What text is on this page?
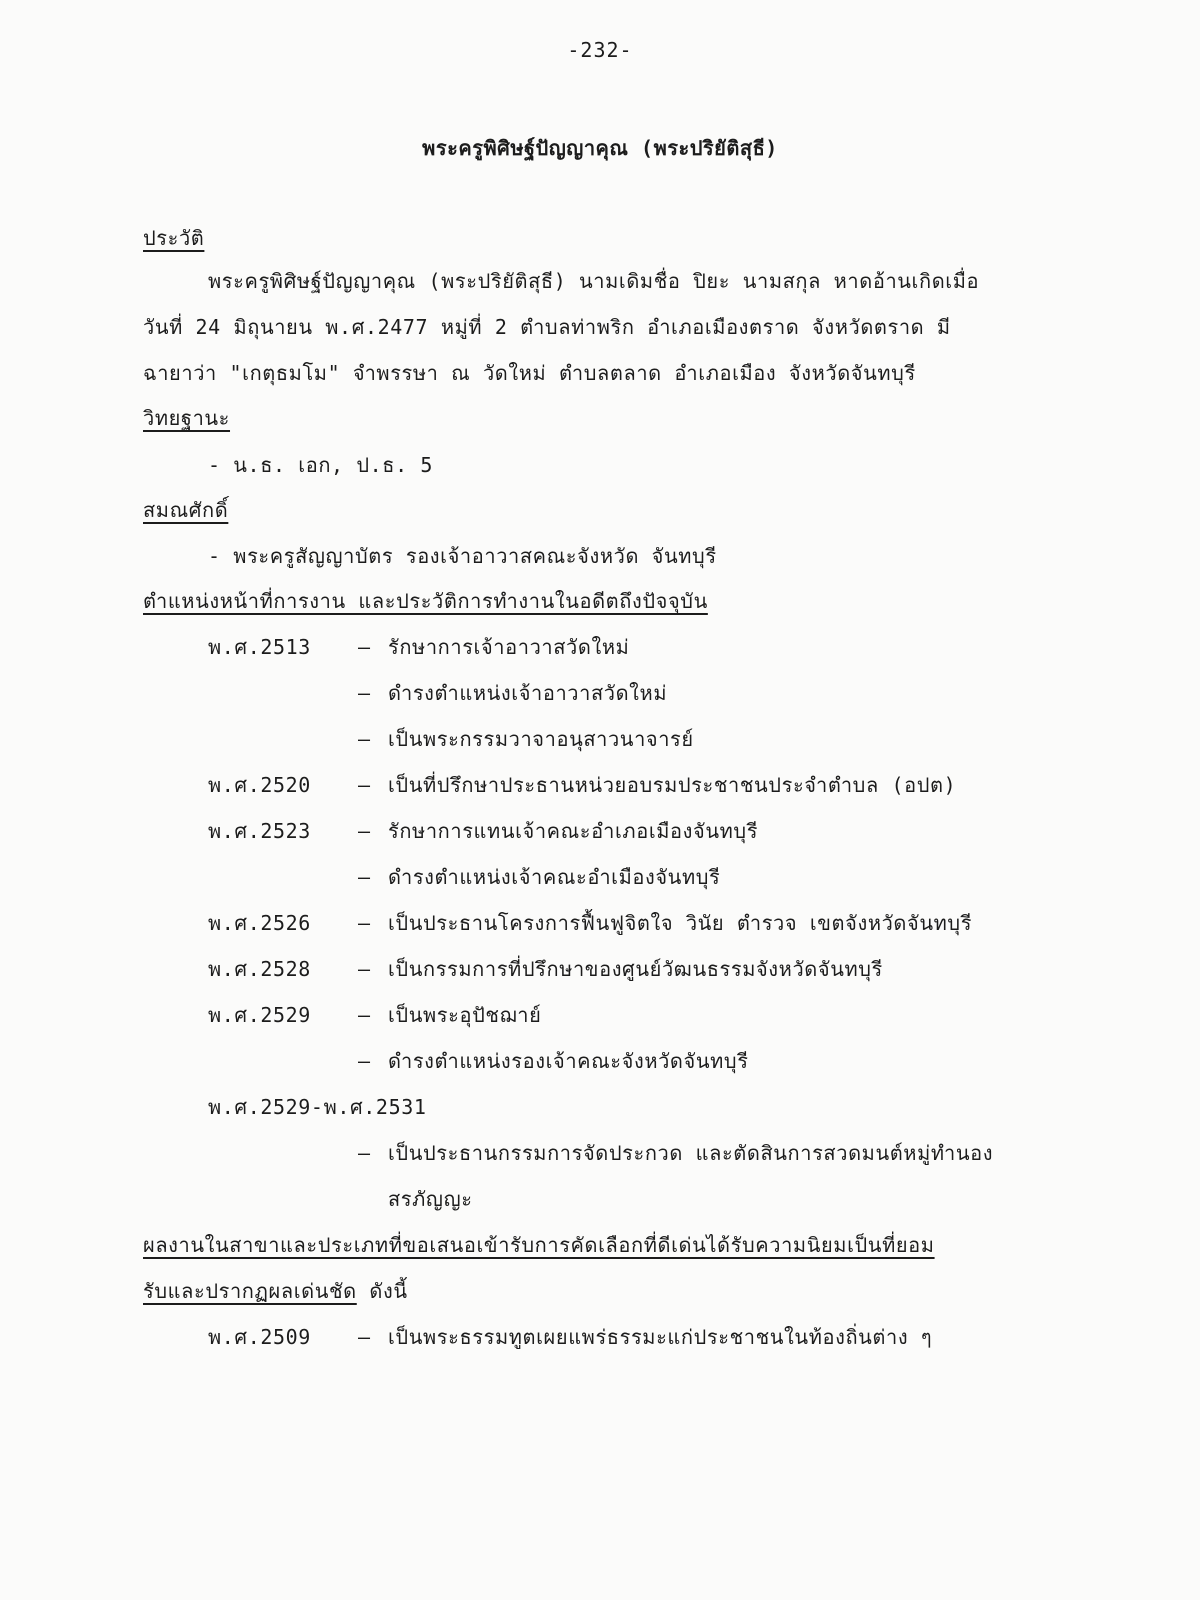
-232-
พระครูพิศิษฐ์ปัญญาคุณ (พระปริยัติสุธี)
ประวัติ
พระครูพิศิษฐ์ปัญญาคุณ (พระปริยัติสุธี) นามเดิมชื่อ ปิยะ นามสกุล หาดอ้านเกิดเมื่อ
วันที่ 24 มิถุนายน พ.ศ.2477 หมู่ที่ 2 ตำบลท่าพริก อำเภอเมืองตราด จังหวัดตราด มี
ฉายาว่า "เกตุธมโม" จำพรรษา ณ วัดใหม่ ตำบลตลาด อำเภอเมือง จังหวัดจันทบุรี
วิทยฐานะ
- น.ธ. เอก, ป.ธ. 5
สมณศักดิ์
- พระครูสัญญาบัตร รองเจ้าอาวาสคณะจังหวัด จันทบุรี
ตำแหน่งหน้าที่การงาน และประวัติการทำงานในอดีตถึงปัจจุบัน
พ.ศ.2513 – รักษาการเจ้าอาวาสวัดใหม่
– ดำรงตำแหน่งเจ้าอาวาสวัดใหม่
– เป็นพระกรรมวาจาอนุสาวนาจารย์
พ.ศ.2520 – เป็นที่ปรึกษาประธานหน่วยอบรมประชาชนประจำตำบล (อปต)
พ.ศ.2523 – รักษาการแทนเจ้าคณะอำเภอเมืองจันทบุรี
– ดำรงตำแหน่งเจ้าคณะอำเมืองจันทบุรี
พ.ศ.2526 – เป็นประธานโครงการฟื้นฟูจิตใจ วินัย ตำรวจ เขตจังหวัดจันทบุรี
พ.ศ.2528 – เป็นกรรมการที่ปรึกษาของศูนย์วัฒนธรรมจังหวัดจันทบุรี
พ.ศ.2529 – เป็นพระอุปัชฌาย์
– ดำรงตำแหน่งรองเจ้าคณะจังหวัดจันทบุรี
พ.ศ.2529-พ.ศ.2531
– เป็นประธานกรรมการจัดประกวด และตัดสินการสวดมนต์หมู่ทำนอง
สรภัญญะ
ผลงานในสาขาและประเภทที่ขอเสนอเข้ารับการคัดเลือกที่ดีเด่นได้รับความนิยมเป็นที่ยอม
รับและปรากฏผลเด่นชัด ดังนี้
พ.ศ.2509 – เป็นพระธรรมทูตเผยแพร่ธรรมะแก่ประชาชนในท้องถิ่นต่าง ๆ
